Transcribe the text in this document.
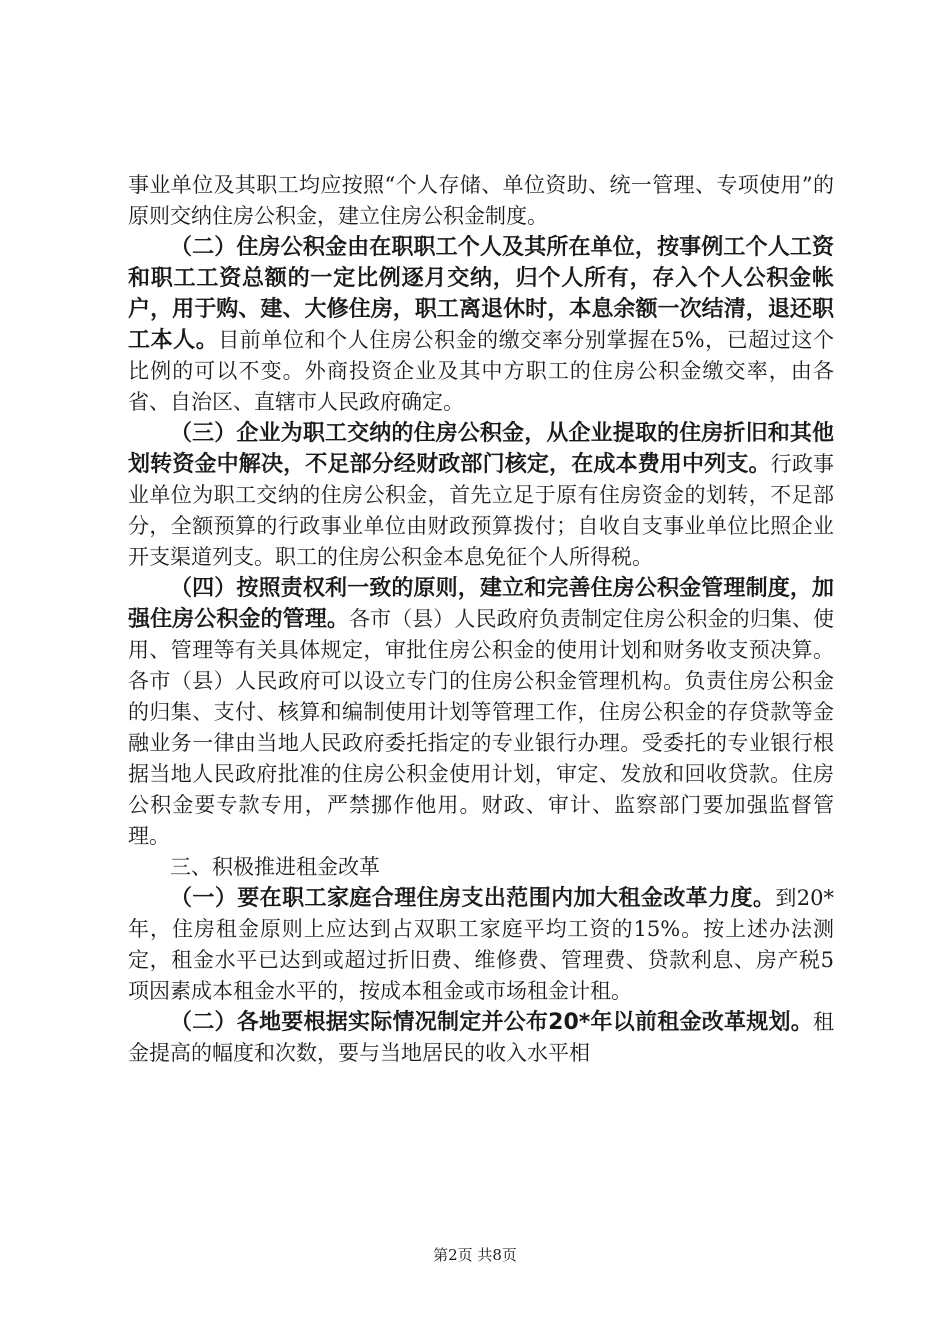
事业单位及其职工均应按照“个人存储、单位资助、统一管理、专项使用”的原则交纳住房公积金，建立住房公积金制度。

（二）住房公积金由在职职工个人及其所在单位，按事例工个人工资和职工工资总额的一定比例逐月交纳，归个人所有，存入个人公积金帐户，用于购、建、大修住房，职工离退休时，本息余额一次结清，退还职工本人。目前单位和个人住房公积金的缴交率分别掌握在5%，已超过这个比例的可以不变。外商投资企业及其中方职工的住房公积金缴交率，由各省、自治区、直辖市人民政府确定。

（三）企业为职工交纳的住房公积金，从企业提取的住房折旧和其他划转资金中解决，不足部分经财政部门核定，在成本费用中列支。行政事业单位为职工交纳的住房公积金，首先立足于原有住房资金的划转，不足部分，全额预算的行政事业单位由财政预算拨付；自收自支事业单位比照企业开支渠道列支。职工的住房公积金本息免征个人所得税。

（四）按照责权利一致的原则，建立和完善住房公积金管理制度，加强住房公积金的管理。各市（县）人民政府负责制定住房公积金的归集、使用、管理等有关具体规定，审批住房公积金的使用计划和财务收支预决算。各市（县）人民政府可以设立专门的住房公积金管理机构。负责住房公积金的归集、支付、核算和编制使用计划等管理工作，住房公积金的存贷款等金融业务一律由当地人民政府委托指定的专业银行办理。受委托的专业银行根据当地人民政府批准的住房公积金使用计划，审定、发放和回收贷款。住房公积金要专款专用，严禁挪作他用。财政、审计、监察部门要加强监督管理。

三、积极推进租金改革

（一）要在职工家庭合理住房支出范围内加大租金改革力度。到20*年，住房租金原则上应达到占双职工家庭平均工资的15%。按上述办法测定，租金水平已达到或超过折旧费、维修费、管理费、贷款利息、房产税5项因素成本租金水平的，按成本租金或市场租金计租。

（二）各地要根据实际情况制定并公布20*年以前租金改革规划。租金提高的幅度和次数，要与当地居民的收入水平相

第2页 共8页
